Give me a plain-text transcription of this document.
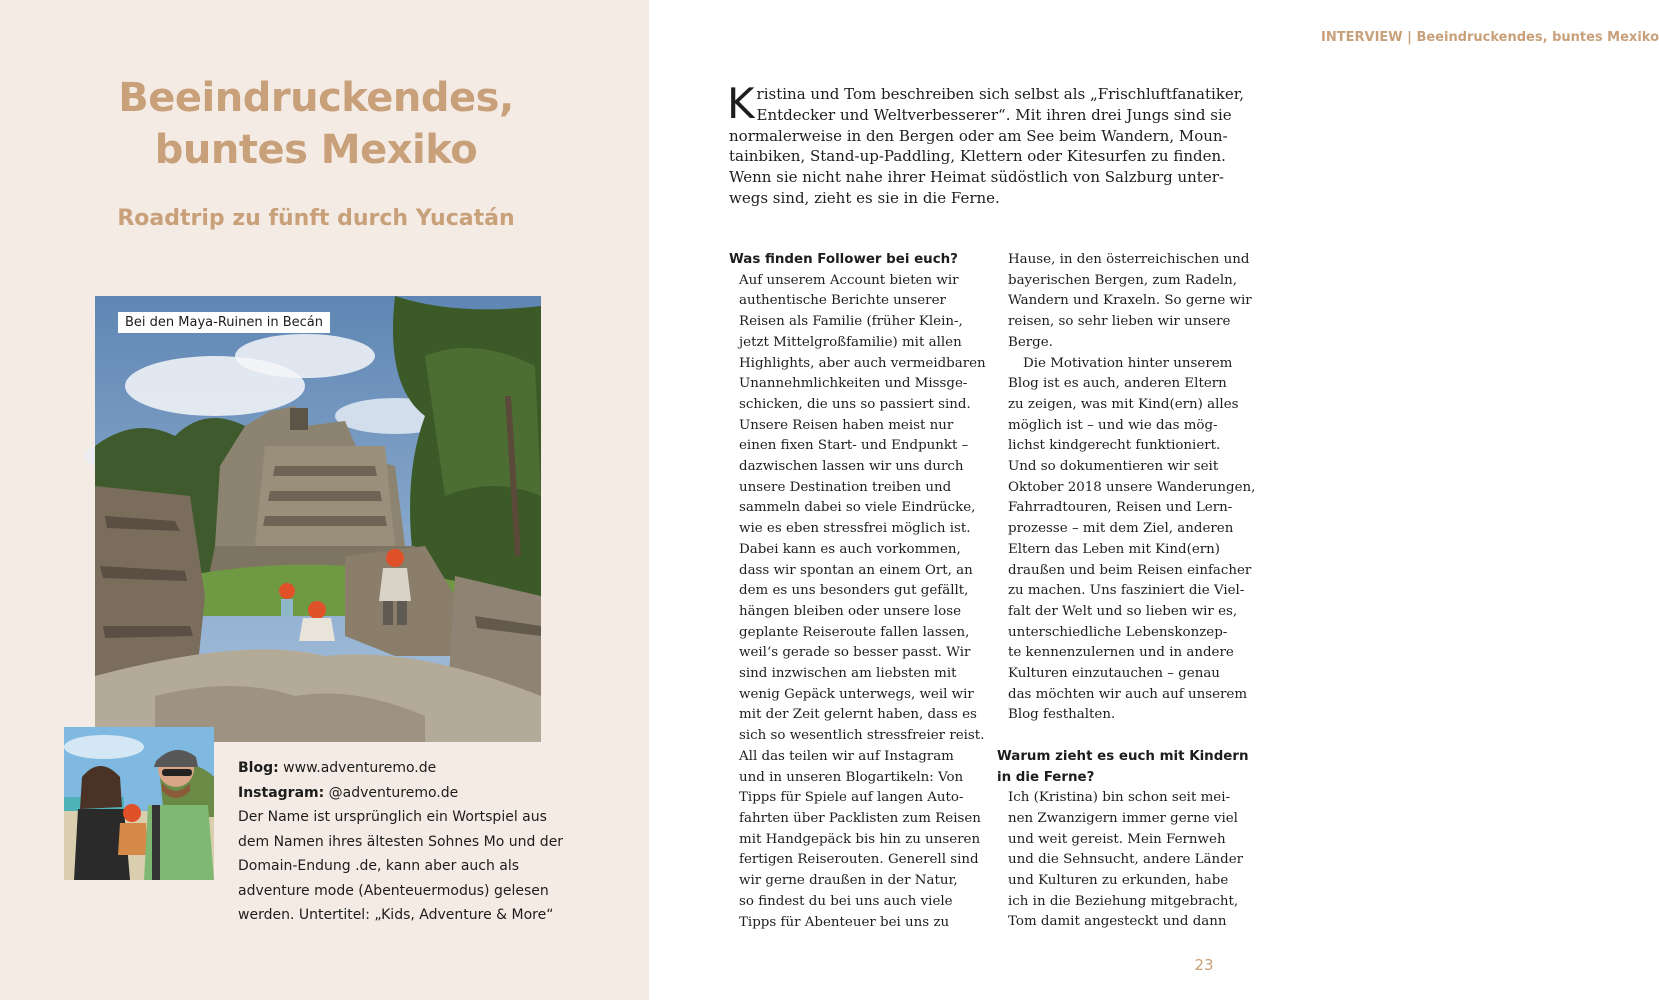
Beeindruckendes,
buntes Mexiko
Roadtrip zu fünft durch Yucatán
Bei den Maya-Ruinen in Becán

Blog: www.adventuremo.de

Instagram: @adventuremo.de

Der Name ist ursprünglich ein Wortspiel aus
dem Namen ihres ältesten Sohnes Mo und der
Domain-Endung .de, kann aber auch als
adventure mode (Abenteuermodus) gelesen
werden. Untertitel: „Kids, Adventure & More“

INTERVIEW | Beeindruckendes, buntes Mexiko

K ristina und Tom beschreiben sich selbst als „Frischluftfanatiker,
Entdecker und Weltverbesserer“. Mit ihren drei Jungs sind sie
normalerweise in den Bergen oder am See beim Wandern, Moun-
tainbiken, Stand-up-Paddling, Klettern oder Kitesurfen zu finden.
Wenn sie nicht nahe ihrer Heimat südöstlich von Salzburg unter-
wegs sind, zieht es sie in die Ferne.
Was finden Follower bei euch?
Auf unserem Account bieten wir
authentische Berichte unserer
Reisen als Familie (früher Klein-,
jetzt Mittelgroßfamilie) mit allen
Highlights, aber auch vermeidbaren
Unannehmlichkeiten und Missge-
schicken, die uns so passiert sind.
Unsere Reisen haben meist nur
einen fixen Start- und Endpunkt –
dazwischen lassen wir uns durch
unsere Destination treiben und
sammeln dabei so viele Eindrücke,
wie es eben stressfrei möglich ist.
Dabei kann es auch vorkommen,
dass wir spontan an einem Ort, an
dem es uns besonders gut gefällt,
hängen bleiben oder unsere lose
geplante Reiseroute fallen lassen,
weil‘s gerade so besser passt. Wir
sind inzwischen am liebsten mit
wenig Gepäck unterwegs, weil wir
mit der Zeit gelernt haben, dass es
sich so wesentlich stressfreier reist.
All das teilen wir auf Instagram
und in unseren Blogartikeln: Von
Tipps für Spiele auf langen Auto-
fahrten über Packlisten zum Reisen
mit Handgepäck bis hin zu unseren
fertigen Reiserouten. Generell sind
wir gerne draußen in der Natur,
so findest du bei uns auch viele
Tipps für Abenteuer bei uns zu
Hause, in den österreichischen und
bayerischen Bergen, zum Radeln,
Wandern und Kraxeln. So gerne wir
reisen, so sehr lieben wir unsere
Berge.
Die Motivation hinter unserem
Blog ist es auch, anderen Eltern
zu zeigen, was mit Kind(ern) alles
möglich ist – und wie das mög-
lichst kindgerecht funktioniert.
Und so dokumentieren wir seit
Oktober 2018 unsere Wanderungen,
Fahrradtouren, Reisen und Lern-
prozesse – mit dem Ziel, anderen
Eltern das Leben mit Kind(ern)
draußen und beim Reisen einfacher
zu machen. Uns fasziniert die Viel-
falt der Welt und so lieben wir es,
unterschiedliche Lebenskonzep-
te kennenzulernen und in andere
Kulturen einzutauchen – genau
das möchten wir auch auf unserem
Blog festhalten.
Warum zieht es euch mit Kindern
in die Ferne?
Ich (Kristina) bin schon seit mei-
nen Zwanzigern immer gerne viel
und weit gereist. Mein Fernweh
und die Sehnsucht, andere Länder
und Kulturen zu erkunden, habe
ich in die Beziehung mitgebracht,
Tom damit angesteckt und dann

23
